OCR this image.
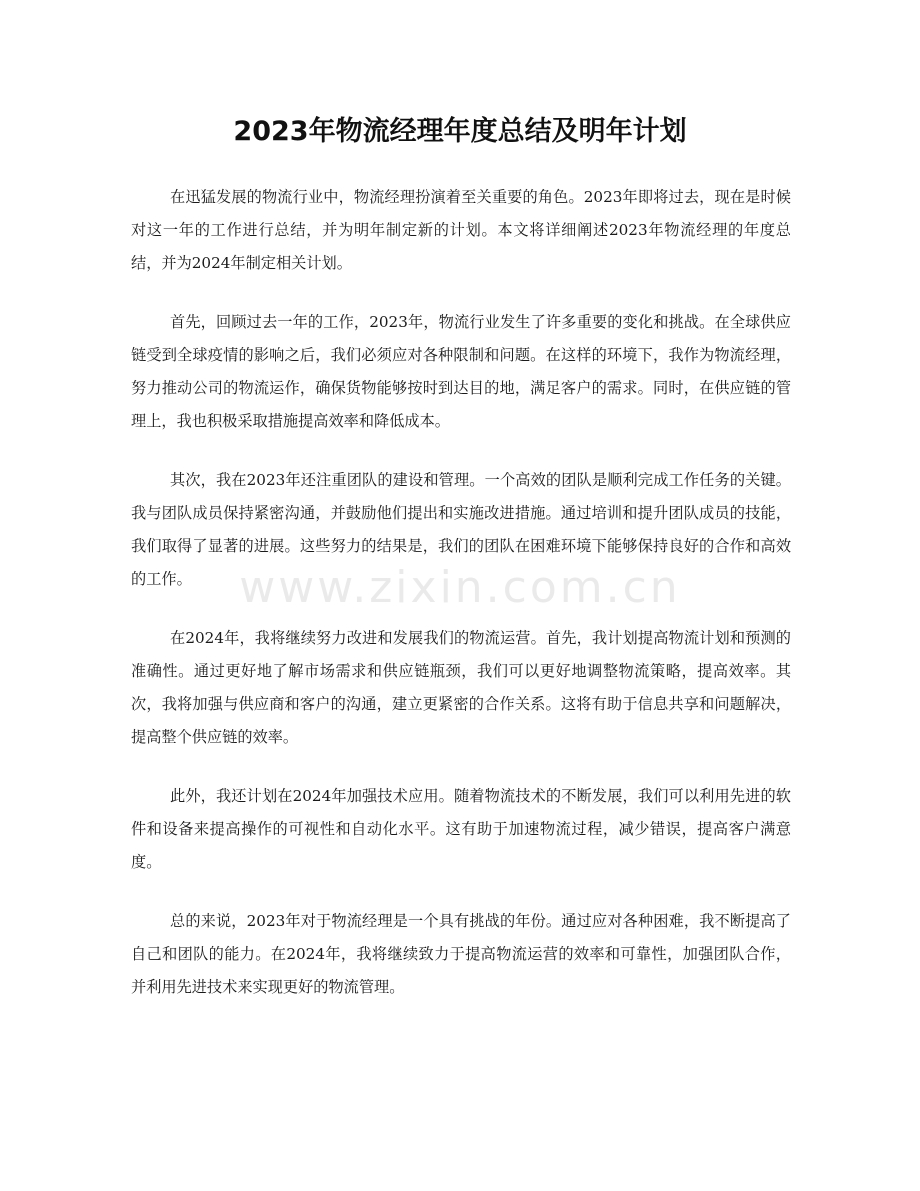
2023年物流经理年度总结及明年计划

在迅猛发展的物流行业中，物流经理扮演着至关重要的角色。2023年即将过去，现在是时候对这一年的工作进行总结，并为明年制定新的计划。本文将详细阐述2023年物流经理的年度总结，并为2024年制定相关计划。

首先，回顾过去一年的工作，2023年，物流行业发生了许多重要的变化和挑战。在全球供应链受到全球疫情的影响之后，我们必须应对各种限制和问题。在这样的环境下，我作为物流经理，努力推动公司的物流运作，确保货物能够按时到达目的地，满足客户的需求。同时，在供应链的管理上，我也积极采取措施提高效率和降低成本。

其次，我在2023年还注重团队的建设和管理。一个高效的团队是顺利完成工作任务的关键。我与团队成员保持紧密沟通，并鼓励他们提出和实施改进措施。通过培训和提升团队成员的技能，我们取得了显著的进展。这些努力的结果是，我们的团队在困难环境下能够保持良好的合作和高效的工作。

在2024年，我将继续努力改进和发展我们的物流运营。首先，我计划提高物流计划和预测的准确性。通过更好地了解市场需求和供应链瓶颈，我们可以更好地调整物流策略，提高效率。其次，我将加强与供应商和客户的沟通，建立更紧密的合作关系。这将有助于信息共享和问题解决，提高整个供应链的效率。

此外，我还计划在2024年加强技术应用。随着物流技术的不断发展，我们可以利用先进的软件和设备来提高操作的可视性和自动化水平。这有助于加速物流过程，减少错误，提高客户满意度。

总的来说，2023年对于物流经理是一个具有挑战的年份。通过应对各种困难，我不断提高了自己和团队的能力。在2024年，我将继续致力于提高物流运营的效率和可靠性，加强团队合作，并利用先进技术来实现更好的物流管理。

www.zixin.com.cn
